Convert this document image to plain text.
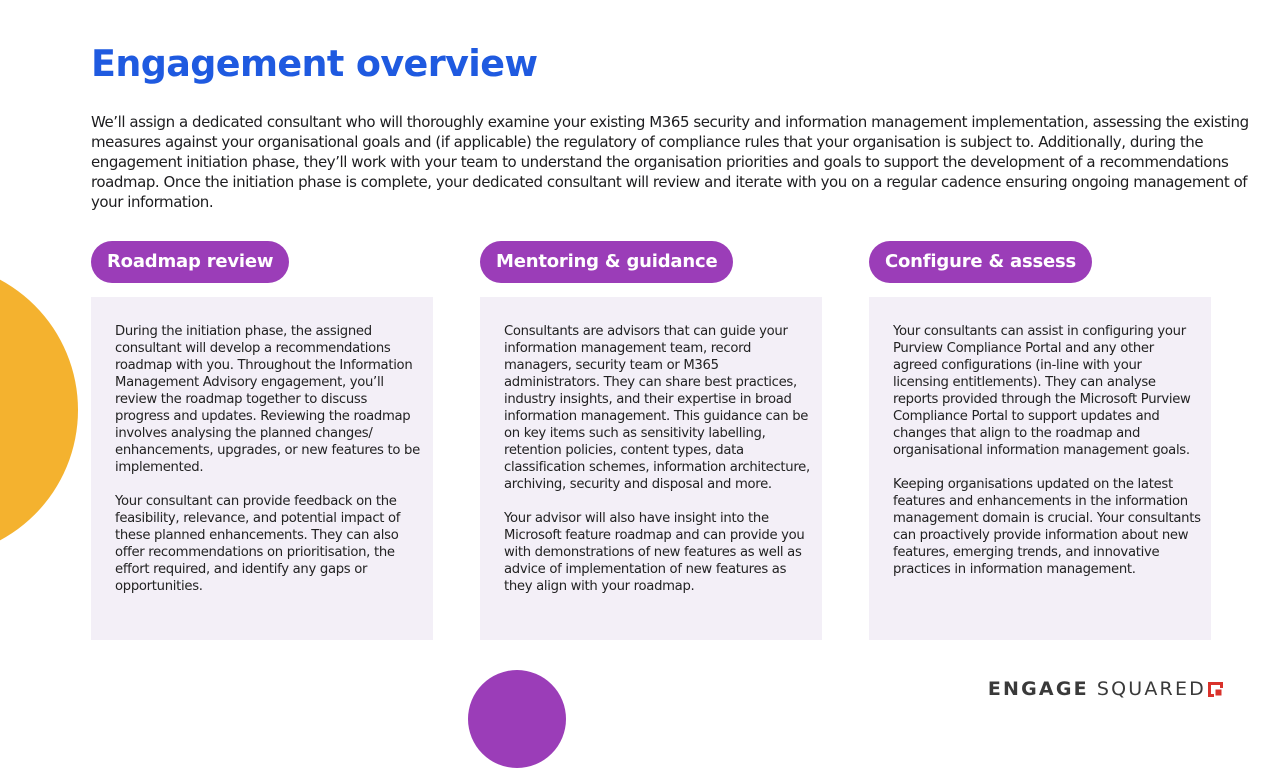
Engagement overview

We’ll assign a dedicated consultant who will thoroughly examine your existing M365 security and information management implementation, assessing the existing measures against your organisational goals and (if applicable) the regulatory of compliance rules that your organisation is subject to. Additionally, during the engagement initiation phase, they’ll work with your team to understand the organisation priorities and goals to support the development of a recommendations roadmap. Once the initiation phase is complete, your dedicated consultant will review and iterate with you on a regular cadence ensuring ongoing management of your information.

Roadmap review

During the initiation phase, the assigned consultant will develop a recommendations roadmap with you. Throughout the Information Management Advisory engagement, you’ll review the roadmap together to discuss progress and updates. Reviewing the roadmap involves analysing the planned changes/ enhancements, upgrades, or new features to be implemented.

Your consultant can provide feedback on the feasibility, relevance, and potential impact of these planned enhancements. They can also offer recommendations on prioritisation, the effort required, and identify any gaps or opportunities.

Mentoring & guidance

Consultants are advisors that can guide your information management team, record managers, security team or M365 administrators. They can share best practices, industry insights, and their expertise in broad information management. This guidance can be on key items such as sensitivity labelling, retention policies, content types, data classification schemes, information architecture, archiving, security and disposal and more.

Your advisor will also have insight into the Microsoft feature roadmap and can provide you with demonstrations of new features as well as advice of implementation of new features as they align with your roadmap.

Configure & assess

Your consultants can assist in configuring your Purview Compliance Portal and any other agreed configurations (in-line with your licensing entitlements). They can analyse reports provided through the Microsoft Purview Compliance Portal to support updates and changes that align to the roadmap and organisational information management goals.

Keeping organisations updated on the latest features and enhancements in the information management domain is crucial. Your consultants can proactively provide information about new features, emerging trends, and innovative practices in information management.

ENGAGE SQUARED
